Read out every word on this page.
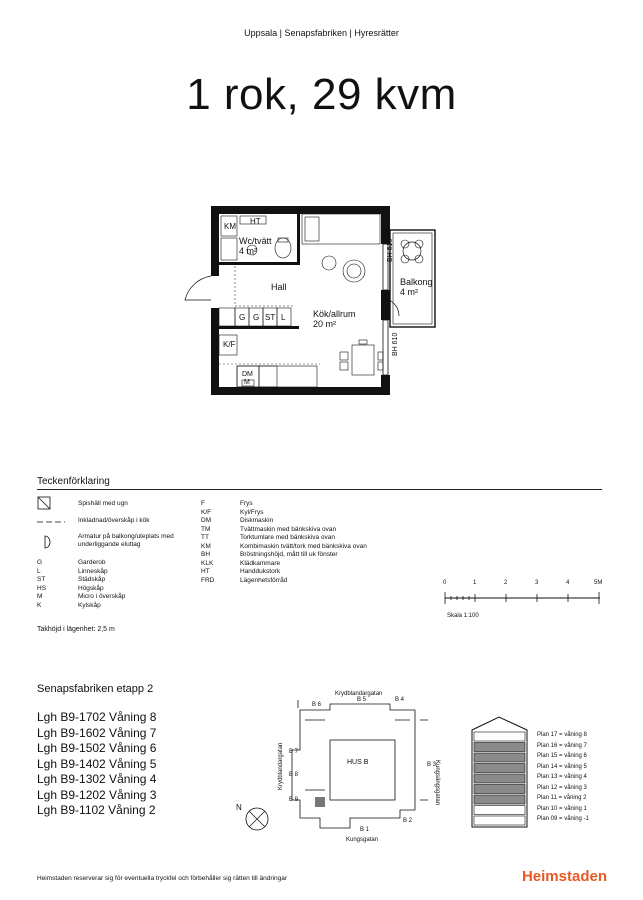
Uppsala | Senapsfabriken | Hyresrätter
1 rok, 29 kvm
KM
HT
Wc/tvätt
4 m²
Hall
Kök/allrum
20 m²
Balkong
4 m²
BH 610
BH 610
K/F
DM
M
G G ST L
Teckenförklaring
Spishäll med ugn
Inkladnad/överskåp i kök
Armatur på balkong/uteplats med underliggande eluttag
G	Garderob
L	Linneskåp
ST	Städskåp
HS	Högskåp
M	Micro i överskåp
K	Kylskåp
F	Frys
K/F	Kyl/Frys
DM	Diskmaskin
TM	Tvättmaskin med bänkskiva ovan
TT	Torktumlare med bänkskiva ovan
KM	Kombimaskin tvätt/tork med bänkskiva ovan
BH	Bröstningshöjd, mått till uk fönster
KLK	Klädkammare
HT	Handdukstork
FRD	Lägenhetsförråd
Takhöjd i lägenhet: 2,5 m
0	1	2	3	4	5M
Skala 1:100
Senapsfabriken etapp 2
Lgh B9-1702 Våning 8
Lgh B9-1602 Våning 7
Lgh B9-1502 Våning 6
Lgh B9-1402 Våning 5
Lgh B9-1302 Våning 4
Lgh B9-1202 Våning 3
Lgh B9-1102 Våning 2
Krydblandargatan
Krydblandargatan
Kungsgatan
Kungsängsgatan
B 6
B 5	B 4
B 7
B 8
B 9
B 3
B 1
B 2
HUS B
N
Plan 17 = våning 8
Plan 16 = våning 7
Plan 15 = våning 6
Plan 14 = våning 5
Plan 13 = våning 4
Plan 12 = våning 3
Plan 11 = våning 2
Plan 10 = våning 1
Plan 09 = våning -1
Heimstaden reserverar sig för eventuella tryckfel och förbehåller sig rätten till ändringar	Heimstaden
